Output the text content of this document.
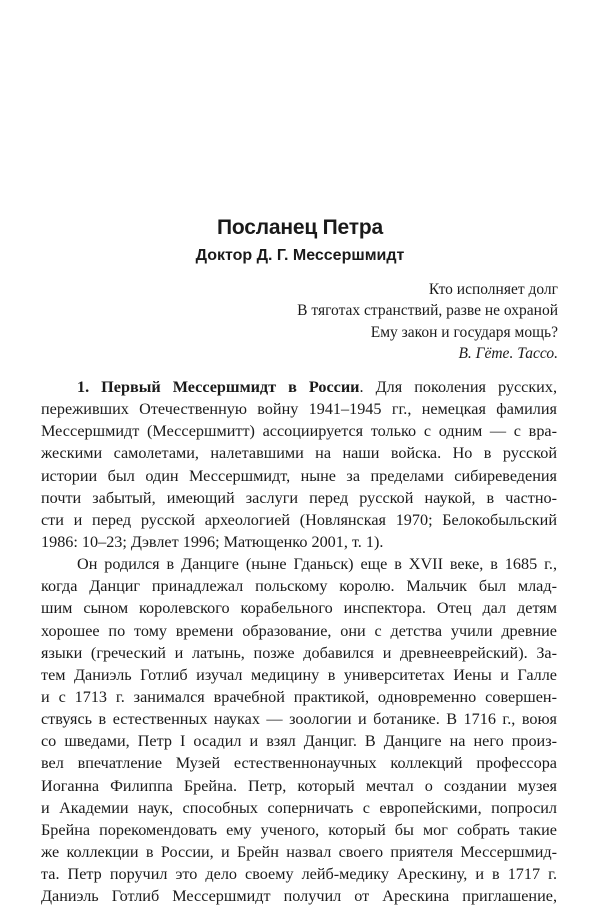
Посланец Петра
Доктор Д. Г. Мессершмидт
Кто исполняет долг
В тяготах странствий, разве не охраной
Ему закон и государя мощь?
В. Гёте. Тассо.
1. Первый Мессершмидт в России. Для поколения русских,
переживших Отечественную войну 1941–1945 гг., немецкая фамилия
Мессершмидт (Мессершмитт) ассоциируется только с одним — с вра-
жескими самолетами, налетавшими на наши войска. Но в русской
истории был один Мессершмидт, ныне за пределами сибиреведения
почти забытый, имеющий заслуги перед русской наукой, в частно-
сти и перед русской археологией (Новлянская 1970; Белокобыльский
1986: 10–23; Дэвлет 1996; Матющенко 2001, т. 1).
Он родился в Данциге (ныне Гданьск) еще в XVII веке, в 1685 г.,
когда Данциг принадлежал польскому королю. Мальчик был млад-
шим сыном королевского корабельного инспектора. Отец дал детям
хорошее по тому времени образование, они с детства учили древние
языки (греческий и латынь, позже добавился и древнееврейский). За-
тем Даниэль Готлиб изучал медицину в университетах Иены и Галле
и с 1713 г. занимался врачебной практикой, одновременно совершен-
ствуясь в естественных науках — зоологии и ботанике. В 1716 г., воюя
со шведами, Петр I осадил и взял Данциг. В Данциге на него произ-
вел впечатление Музей естественнонаучных коллекций профессора
Иоганна Филиппа Брейна. Петр, который мечтал о создании музея
и Академии наук, способных соперничать с европейскими, попросил
Брейна порекомендовать ему ученого, который бы мог собрать такие
же коллекции в России, и Брейн назвал своего приятеля Мессершмид-
та. Петр поручил это дело своему лейб-медику Арескину, и в 1717 г.
Даниэль Готлиб Мессершмидт получил от Арескина приглашение,
